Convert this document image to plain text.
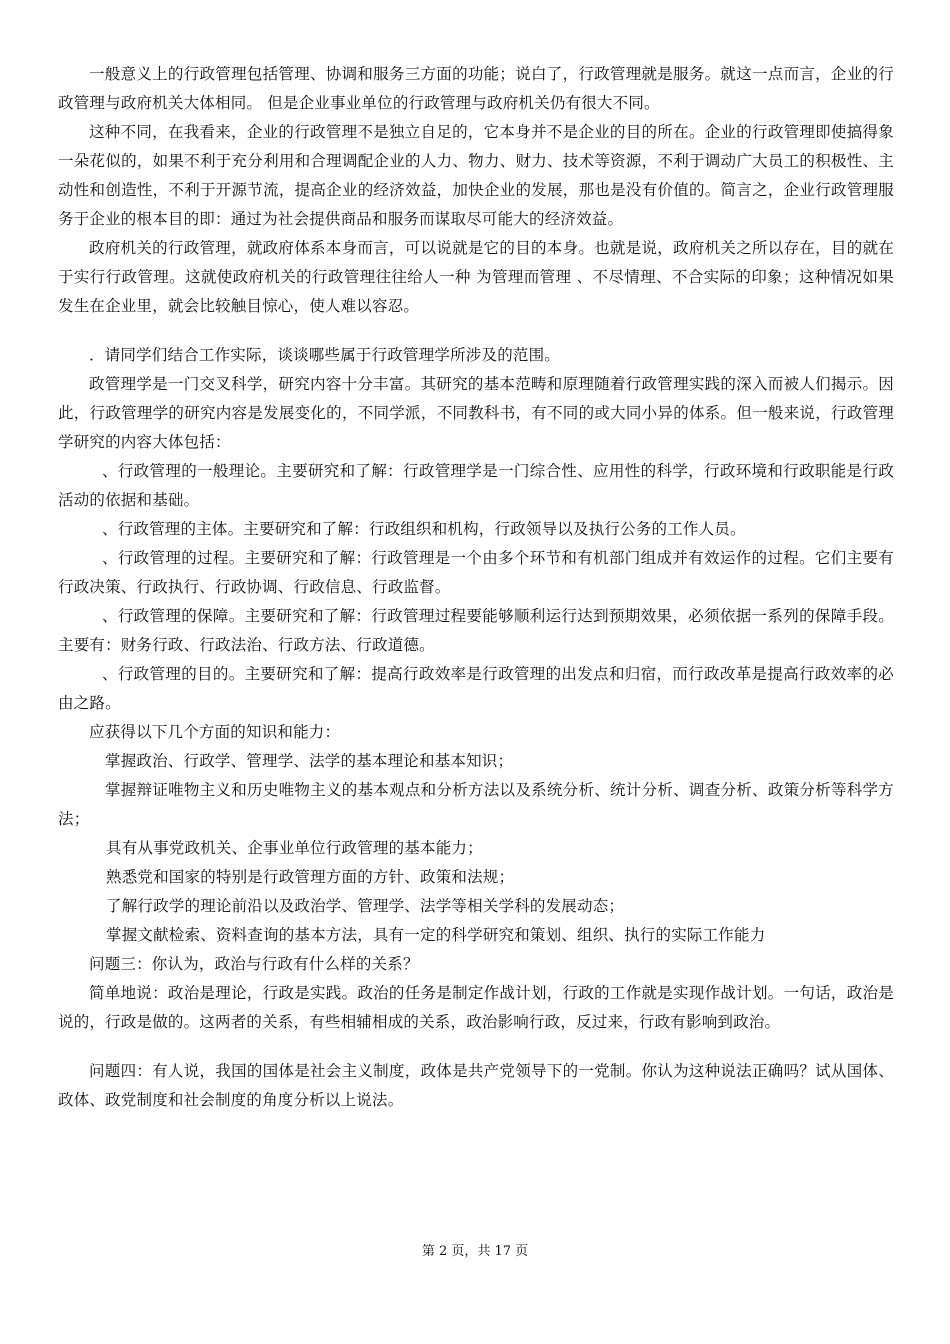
一般意义上的行政管理包括管理、协调和服务三方面的功能；说白了，行政管理就是服务。就这一点而言，企业的行政管理与政府机关大体相同。 但是企业事业单位的行政管理与政府机关仍有很大不同。

这种不同，在我看来，企业的行政管理不是独立自足的，它本身并不是企业的目的所在。企业的行政管理即使搞得象一朵花似的，如果不利于充分利用和合理调配企业的人力、物力、财力、技术等资源，不利于调动广大员工的积极性、主动性和创造性，不利于开源节流，提高企业的经济效益，加快企业的发展，那也是没有价值的。简言之，企业行政管理服务于企业的根本目的即：通过为社会提供商品和服务而谋取尽可能大的经济效益。

政府机关的行政管理，就政府体系本身而言，可以说就是它的目的本身。也就是说，政府机关之所以存在，目的就在于实行行政管理。这就使政府机关的行政管理往往给人一种 为管理而管理 、不尽情理、不合实际的印象；这种情况如果发生在企业里，就会比较触目惊心，使人难以容忍。

．请同学们结合工作实际，谈谈哪些属于行政管理学所涉及的范围。

政管理学是一门交叉科学，研究内容十分丰富。其研究的基本范畴和原理随着行政管理实践的深入而被人们揭示。因此，行政管理学的研究内容是发展变化的，不同学派，不同教科书，有不同的或大同小异的体系。但一般来说，行政管理学研究的内容大体包括：

、行政管理的一般理论。主要研究和了解：行政管理学是一门综合性、应用性的科学，行政环境和行政职能是行政活动的依据和基础。

、行政管理的主体。主要研究和了解：行政组织和机构，行政领导以及执行公务的工作人员。

、行政管理的过程。主要研究和了解：行政管理是一个由多个环节和有机部门组成并有效运作的过程。它们主要有行政决策、行政执行、行政协调、行政信息、行政监督。

、行政管理的保障。主要研究和了解：行政管理过程要能够顺利运行达到预期效果，必须依据一系列的保障手段。主要有：财务行政、行政法治、行政方法、行政道德。

、行政管理的目的。主要研究和了解：提高行政效率是行政管理的出发点和归宿，而行政改革是提高行政效率的必由之路。

应获得以下几个方面的知识和能力：

掌握政治、行政学、管理学、法学的基本理论和基本知识；

掌握辩证唯物主义和历史唯物主义的基本观点和分析方法以及系统分析、统计分析、调查分析、政策分析等科学方法；

具有从事党政机关、企事业单位行政管理的基本能力；

熟悉党和国家的特别是行政管理方面的方针、政策和法规；

了解行政学的理论前沿以及政治学、管理学、法学等相关学科的发展动态；

掌握文献检索、资料查询的基本方法，具有一定的科学研究和策划、组织、执行的实际工作能力

问题三：你认为，政治与行政有什么样的关系？

简单地说：政治是理论，行政是实践。政治的任务是制定作战计划，行政的工作就是实现作战计划。一句话，政治是说的，行政是做的。这两者的关系，有些相辅相成的关系，政治影响行政，反过来，行政有影响到政治。

问题四：有人说，我国的国体是社会主义制度，政体是共产党领导下的一党制。你认为这种说法正确吗？试从国体、政体、政党制度和社会制度的角度分析以上说法。

第 2 页，共 17 页
